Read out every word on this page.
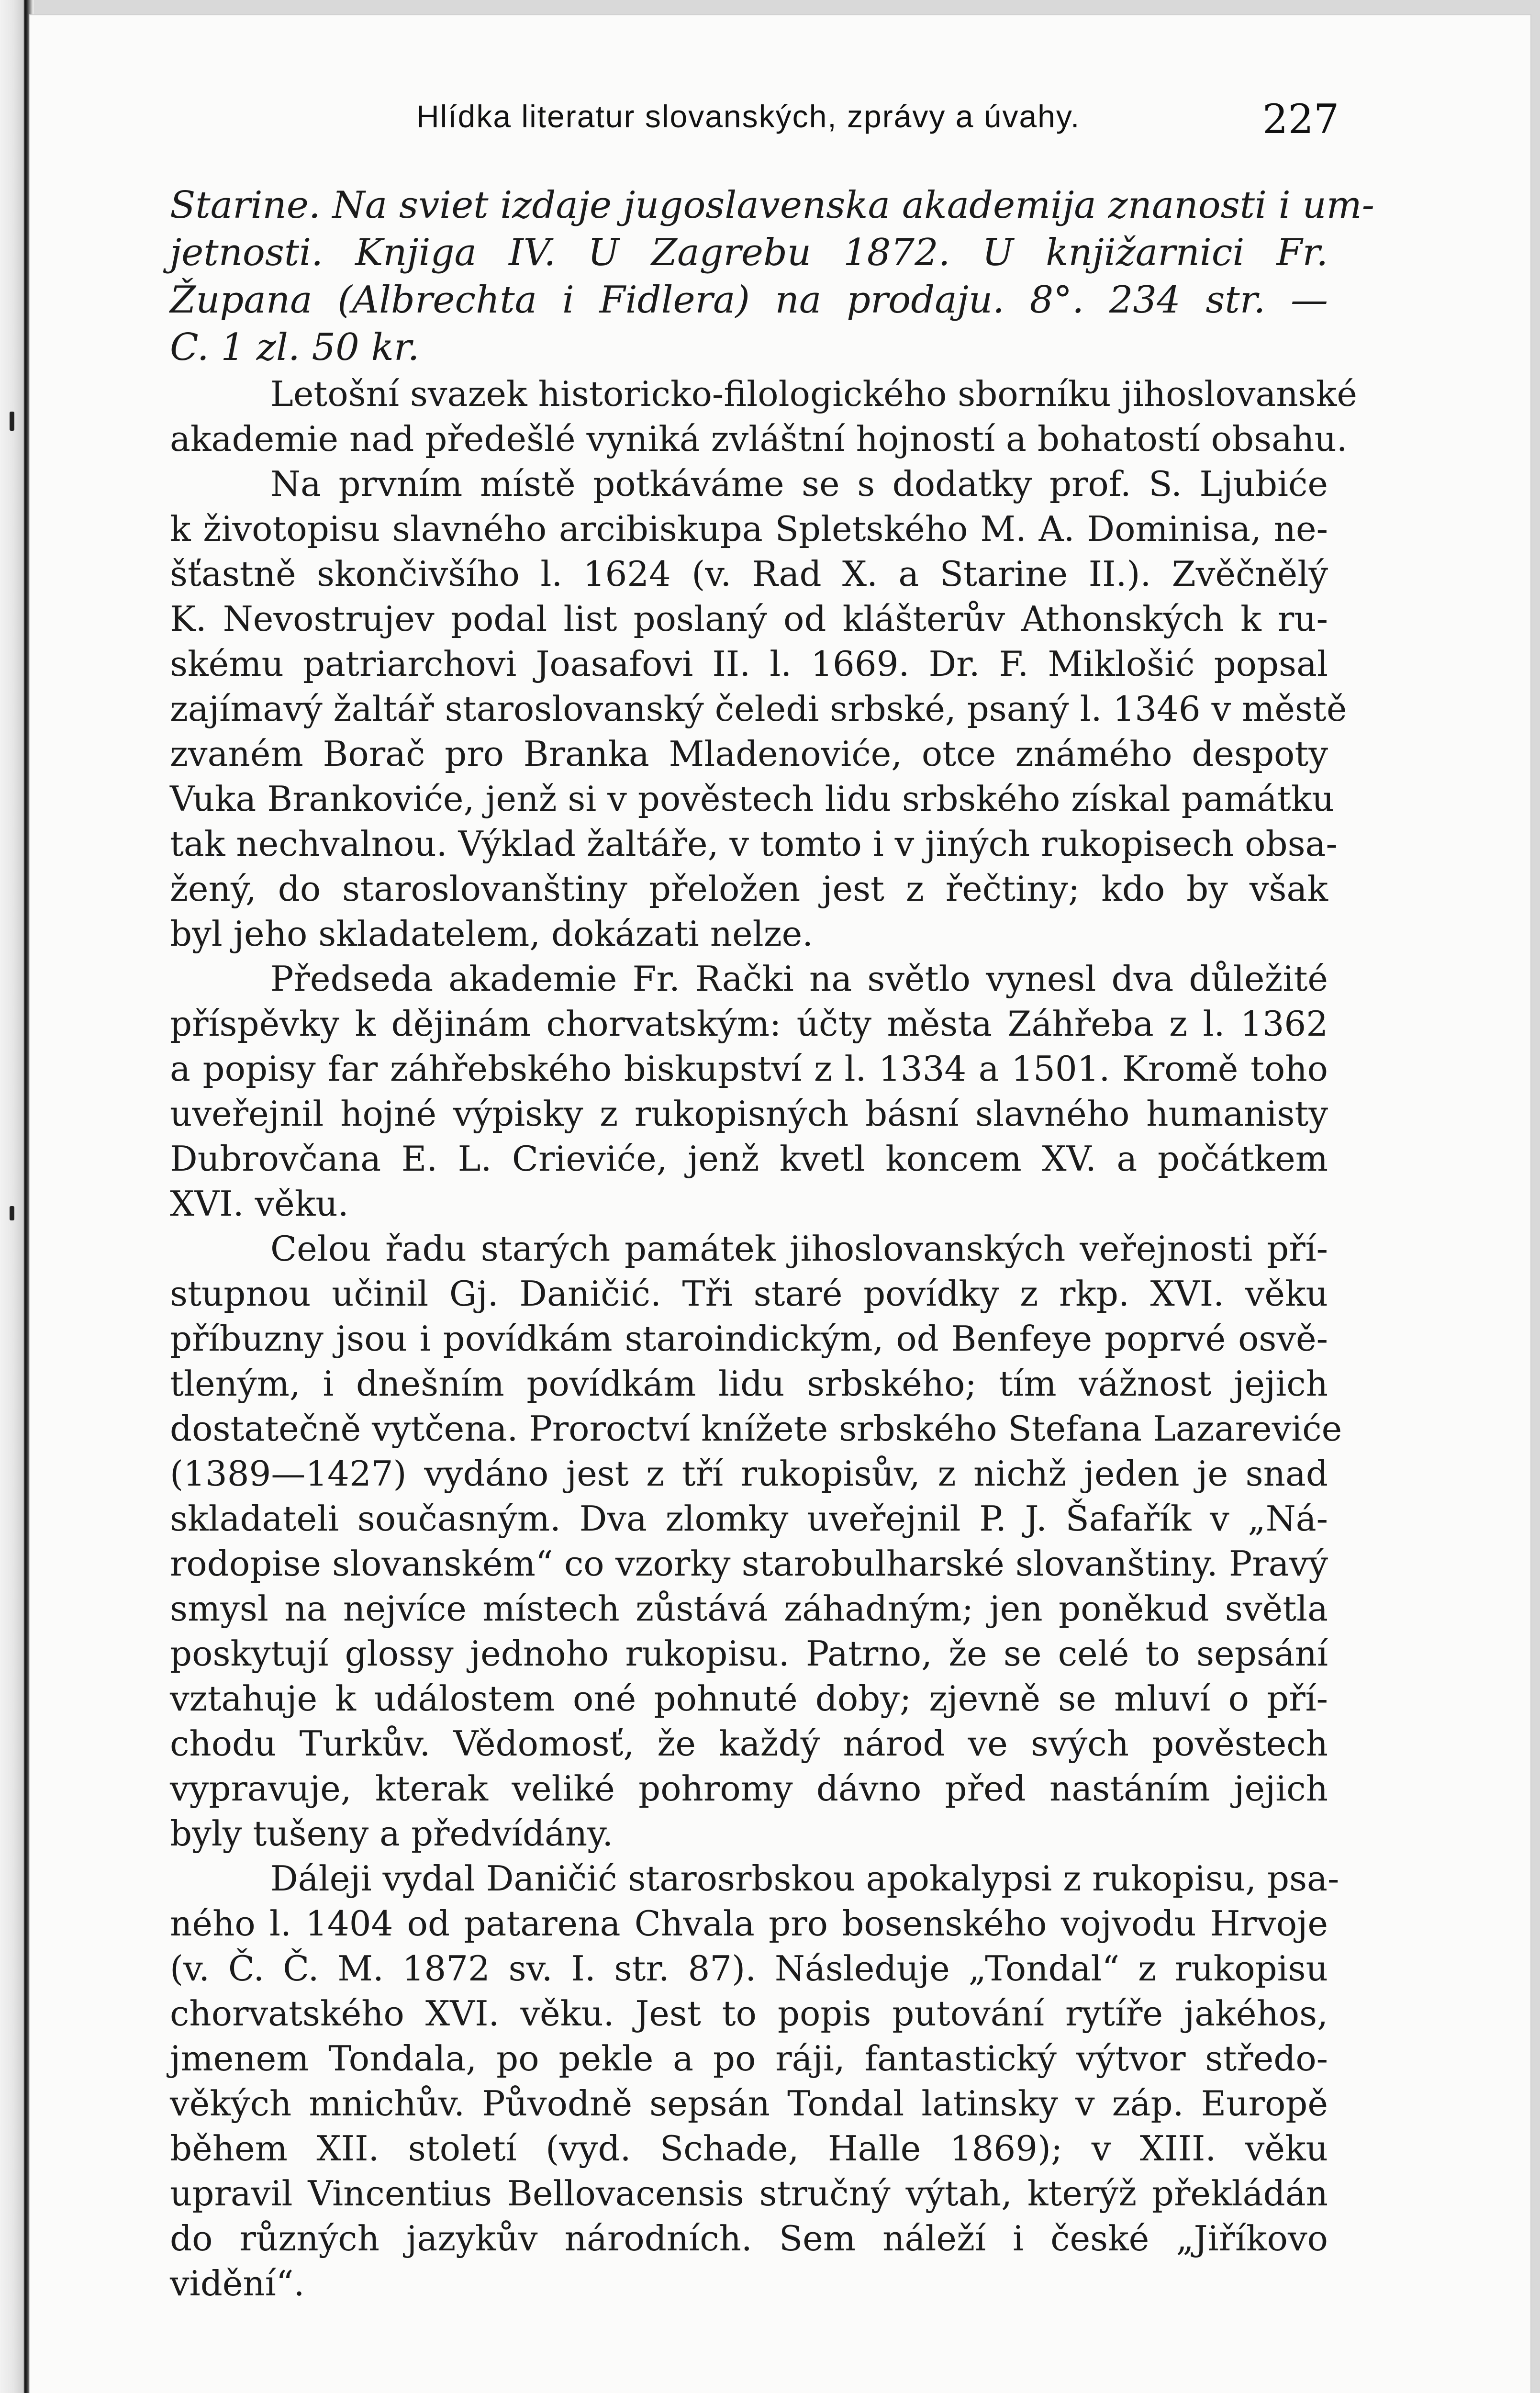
Hlídka literatur slovanských, zprávy a úvahy.	227
Starine. Na sviet izdaje jugoslavenska akademija znanosti i um-
jetnosti. Knjiga IV. U Zagrebu 1872. U knjižarnici Fr.
Župana (Albrechta i Fidlera) na prodaju. 8°. 234 str. —
C. 1 zl. 50 kr.
Letošní svazek historicko-filologického sborníku jihoslovanské
akademie nad předešlé vyniká zvláštní hojností a bohatostí obsahu.
Na prvním místě potkáváme se s dodatky prof. S. Ljubiće
k životopisu slavného arcibiskupa Spletského M. A. Dominisa, ne-
šťastně skončivšího l. 1624 (v. Rad X. a Starine II.). Zvěčnělý
K. Nevostrujev podal list poslaný od klášterův Athonských k ru-
skému patriarchovi Joasafovi II. l. 1669. Dr. F. Miklošić popsal
zajímavý žaltář staroslovanský čeledi srbské, psaný l. 1346 v městě
zvaném Borač pro Branka Mladenoviće, otce známého despoty
Vuka Brankoviće, jenž si v pověstech lidu srbského získal památku
tak nechvalnou. Výklad žaltáře, v tomto i v jiných rukopisech obsa-
žený, do staroslovanštiny přeložen jest z řečtiny; kdo by však
byl jeho skladatelem, dokázati nelze.
Předseda akademie Fr. Rački na světlo vynesl dva důležité
příspěvky k dějinám chorvatským: účty města Záhřeba z l. 1362
a popisy far záhřebského biskupství z l. 1334 a 1501. Kromě toho
uveřejnil hojné výpisky z rukopisných básní slavného humanisty
Dubrovčana E. L. Crieviće, jenž kvetl koncem XV. a počátkem
XVI. věku.
Celou řadu starých památek jihoslovanských veřejnosti pří-
stupnou učinil Gj. Daničić. Tři staré povídky z rkp. XVI. věku
příbuzny jsou i povídkám staroindickým, od Benfeye poprvé osvě-
tleným, i dnešním povídkám lidu srbského; tím vážnost jejich
dostatečně vytčena. Proroctví knížete srbského Stefana Lazareviće
(1389—1427) vydáno jest z tří rukopisův, z nichž jeden je snad
skladateli současným. Dva zlomky uveřejnil P. J. Šafařík v „Ná-
rodopise slovanském“ co vzorky starobulharské slovanštiny. Pravý
smysl na nejvíce místech zůstává záhadným; jen poněkud světla
poskytují glossy jednoho rukopisu. Patrno, že se celé to sepsání
vztahuje k událostem oné pohnuté doby; zjevně se mluví o pří-
chodu Turkův. Vědomosť, že každý národ ve svých pověstech
vypravuje, kterak veliké pohromy dávno před nastáním jejich
byly tušeny a předvídány.
Dáleji vydal Daničić starosrbskou apokalypsi z rukopisu, psa-
ného l. 1404 od patarena Chvala pro bosenského vojvodu Hrvoje
(v. Č. Č. M. 1872 sv. I. str. 87). Následuje „Tondal“ z rukopisu
chorvatského XVI. věku. Jest to popis putování rytíře jakéhos,
jmenem Tondala, po pekle a po ráji, fantastický výtvor středo-
věkých mnichův. Původně sepsán Tondal latinsky v záp. Europě
během XII. století (vyd. Schade, Halle 1869); v XIII. věku
upravil Vincentius Bellovacensis stručný výtah, kterýž překládán
do různých jazykův národních. Sem náleží i české „Jiříkovo
vidění“.
